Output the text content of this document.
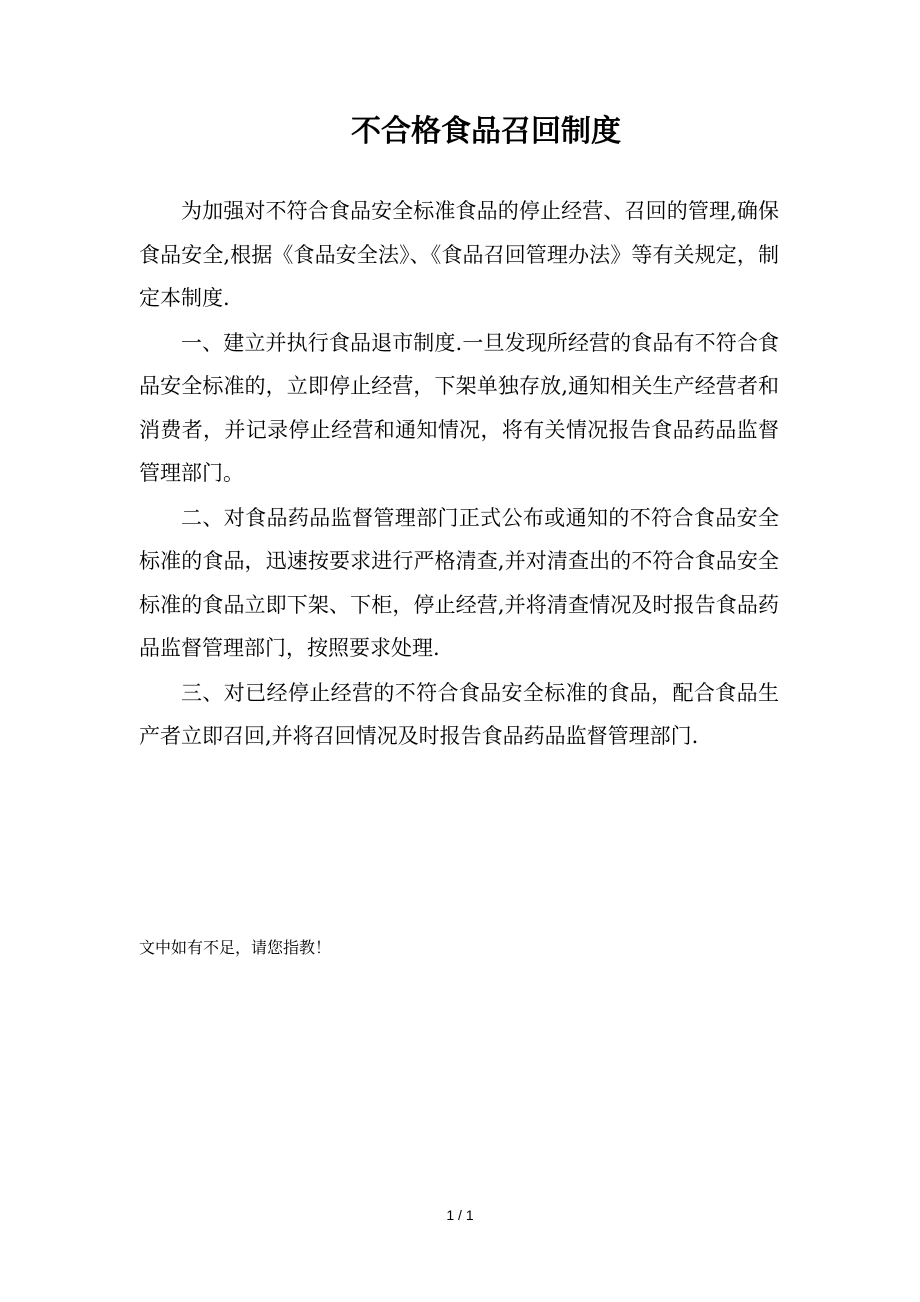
不合格食品召回制度

为加强对不符合食品安全标准食品的停止经营、召回的管理,确保食品安全,根据《食品安全法》、《食品召回管理办法》等有关规定，制定本制度.

一、建立并执行食品退市制度.一旦发现所经营的食品有不符合食品安全标准的，立即停止经营，下架单独存放,通知相关生产经营者和消费者，并记录停止经营和通知情况，将有关情况报告食品药品监督管理部门。

二、对食品药品监督管理部门正式公布或通知的不符合食品安全标准的食品，迅速按要求进行严格清查,并对清查出的不符合食品安全标准的食品立即下架、下柜，停止经营,并将清查情况及时报告食品药品监督管理部门，按照要求处理.

三、对已经停止经营的不符合食品安全标准的食品，配合食品生产者立即召回,并将召回情况及时报告食品药品监督管理部门.

文中如有不足，请您指教！

1 / 1
